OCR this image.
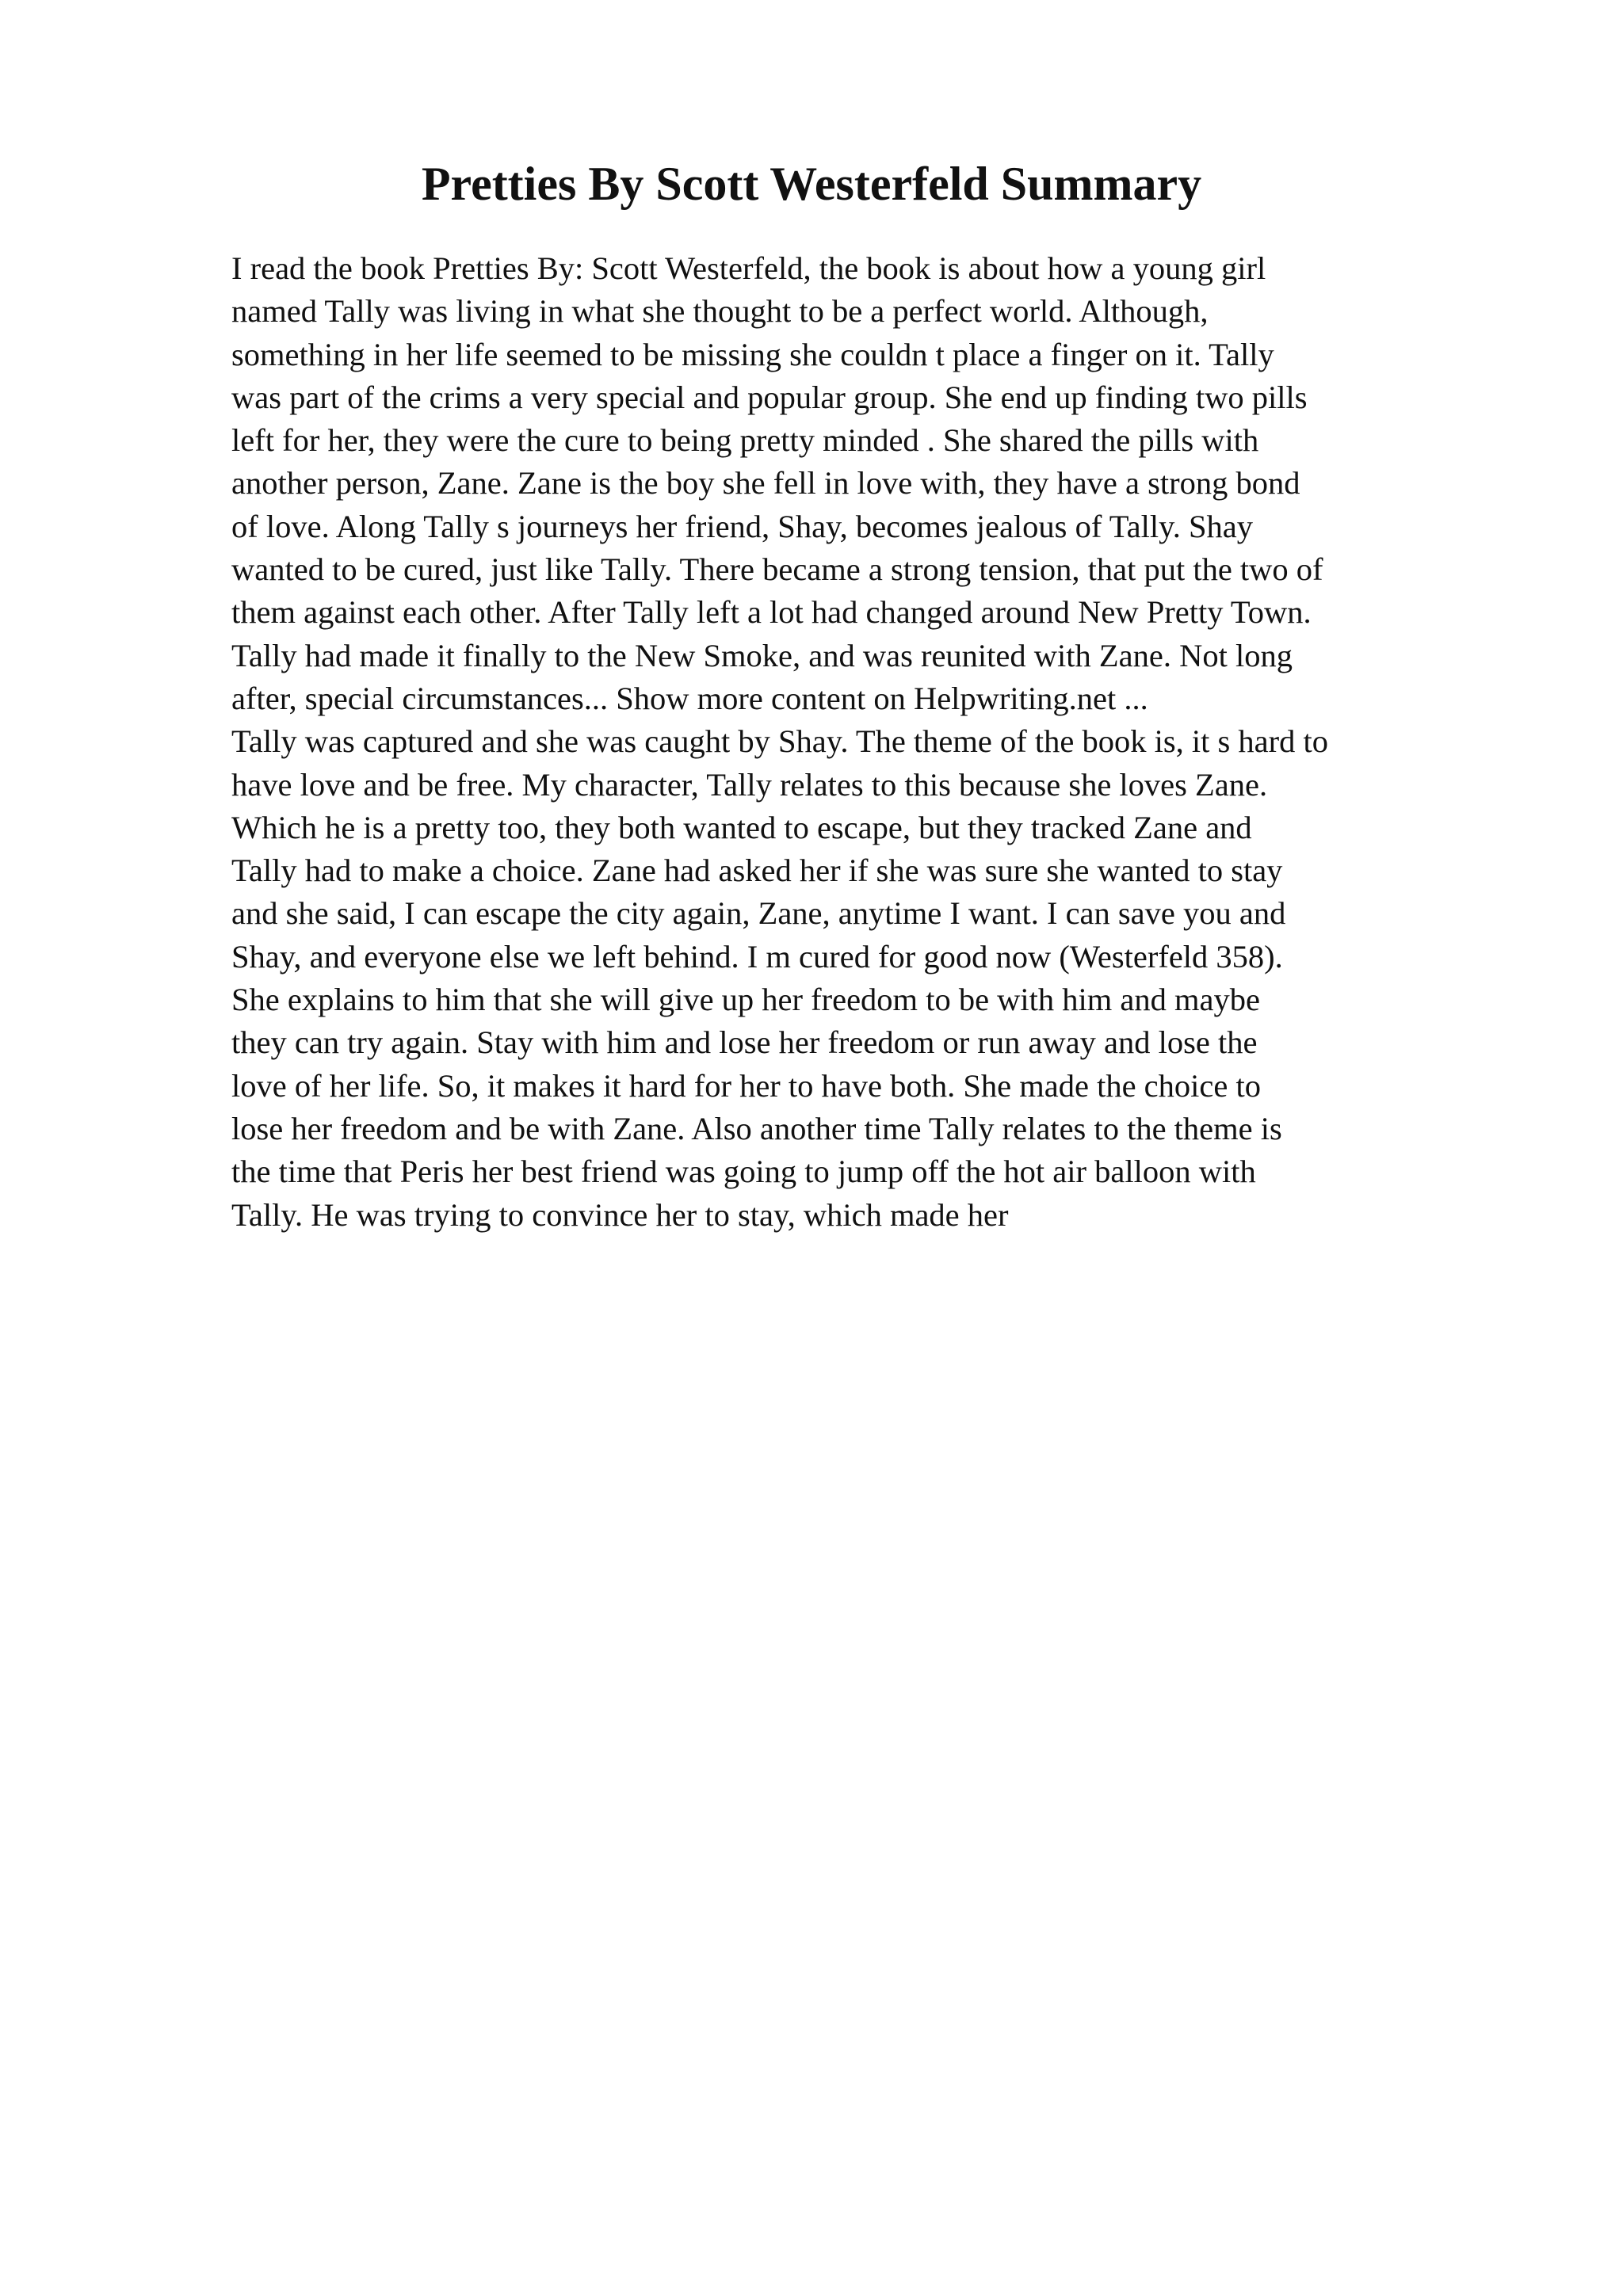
Pretties By Scott Westerfeld Summary
I read the book Pretties By: Scott Westerfeld, the book is about how a young girl
named Tally was living in what she thought to be a perfect world. Although,
something in her life seemed to be missing she couldn t place a finger on it. Tally
was part of the crims a very special and popular group. She end up finding two pills
left for her, they were the cure to being pretty minded . She shared the pills with
another person, Zane. Zane is the boy she fell in love with, they have a strong bond
of love. Along Tally s journeys her friend, Shay, becomes jealous of Tally. Shay
wanted to be cured, just like Tally. There became a strong tension, that put the two of
them against each other. After Tally left a lot had changed around New Pretty Town.
Tally had made it finally to the New Smoke, and was reunited with Zane. Not long
after, special circumstances... Show more content on Helpwriting.net ...
Tally was captured and she was caught by Shay. The theme of the book is, it s hard to
have love and be free. My character, Tally relates to this because she loves Zane.
Which he is a pretty too, they both wanted to escape, but they tracked Zane and
Tally had to make a choice. Zane had asked her if she was sure she wanted to stay
and she said, I can escape the city again, Zane, anytime I want. I can save you and
Shay, and everyone else we left behind. I m cured for good now (Westerfeld 358).
She explains to him that she will give up her freedom to be with him and maybe
they can try again. Stay with him and lose her freedom or run away and lose the
love of her life. So, it makes it hard for her to have both. She made the choice to
lose her freedom and be with Zane. Also another time Tally relates to the theme is
the time that Peris her best friend was going to jump off the hot air balloon with
Tally. He was trying to convince her to stay, which made her
